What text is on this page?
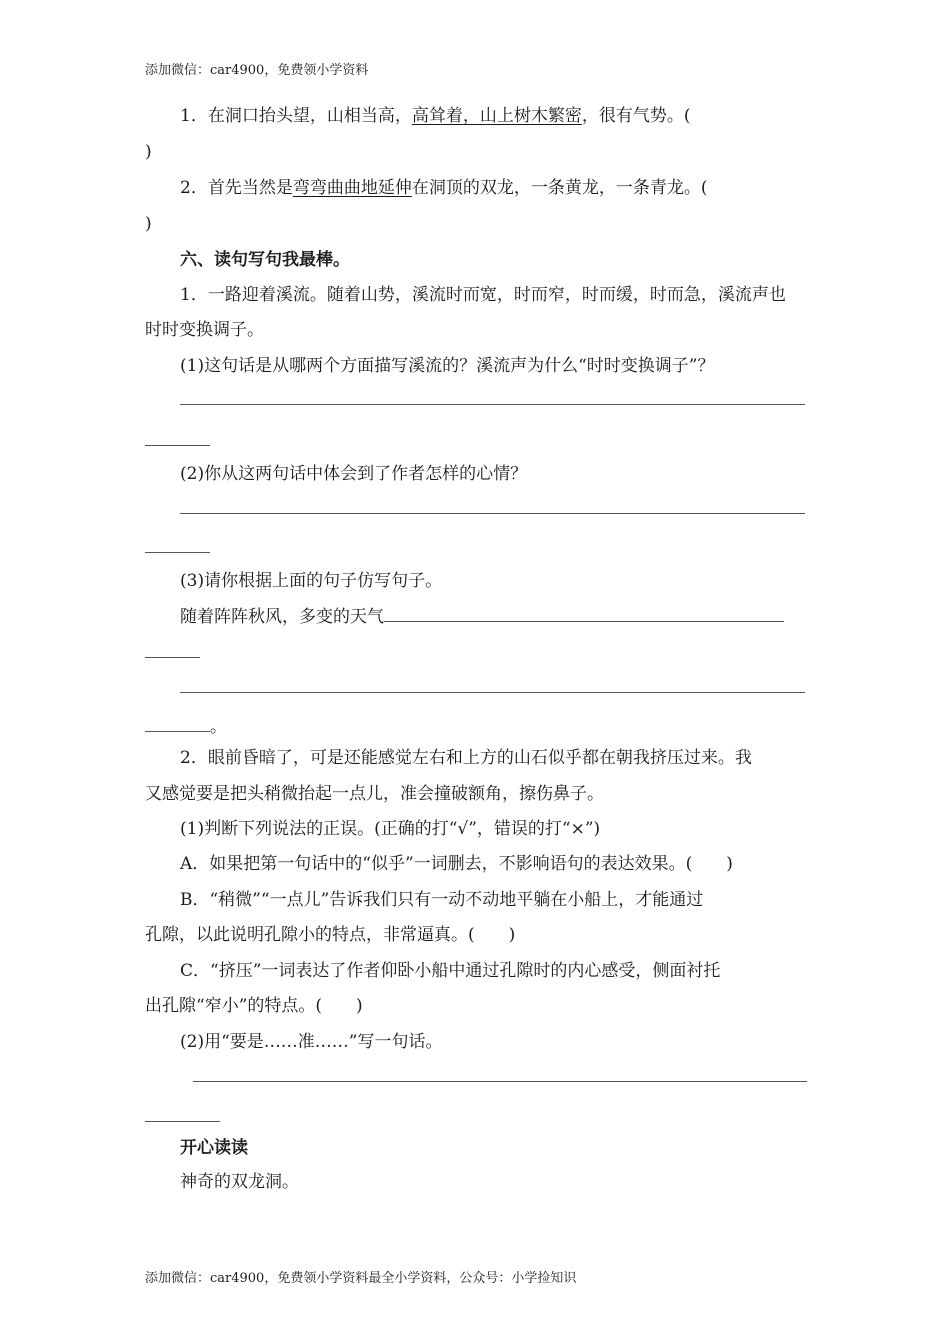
添加微信：car4900，免费领小学资料
1．在洞口抬头望，山相当高，高耸着，山上树木繁密，很有气势。(
)
2．首先当然是弯弯曲曲地延伸在洞顶的双龙，一条黄龙，一条青龙。(
)
六、读句写句我最棒。
1．一路迎着溪流。随着山势，溪流时而宽，时而窄，时而缓，时而急，溪流声也
时时变换调子。
(1)这句话是从哪两个方面描写溪流的？溪流声为什么“时时变换调子”？
(2)你从这两句话中体会到了作者怎样的心情？
(3)请你根据上面的句子仿写句子。
随着阵阵秋风，多变的天气
。
2．眼前昏暗了，可是还能感觉左右和上方的山石似乎都在朝我挤压过来。我
又感觉要是把头稍微抬起一点儿，准会撞破额角，擦伤鼻子。
(1)判断下列说法的正误。(正确的打“√”，错误的打“×”)
A．如果把第一句话中的“似乎”一词删去，不影响语句的表达效果。(　　)
B．“稍微”“一点儿”告诉我们只有一动不动地平躺在小船上，才能通过
孔隙，以此说明孔隙小的特点，非常逼真。(　　)
C．“挤压”一词表达了作者仰卧小船中通过孔隙时的内心感受，侧面衬托
出孔隙“窄小”的特点。(　　)
(2)用“要是……准……”写一句话。
开心读读
神奇的双龙洞。
添加微信：car4900，免费领小学资料最全小学资料，公众号：小学捡知识
